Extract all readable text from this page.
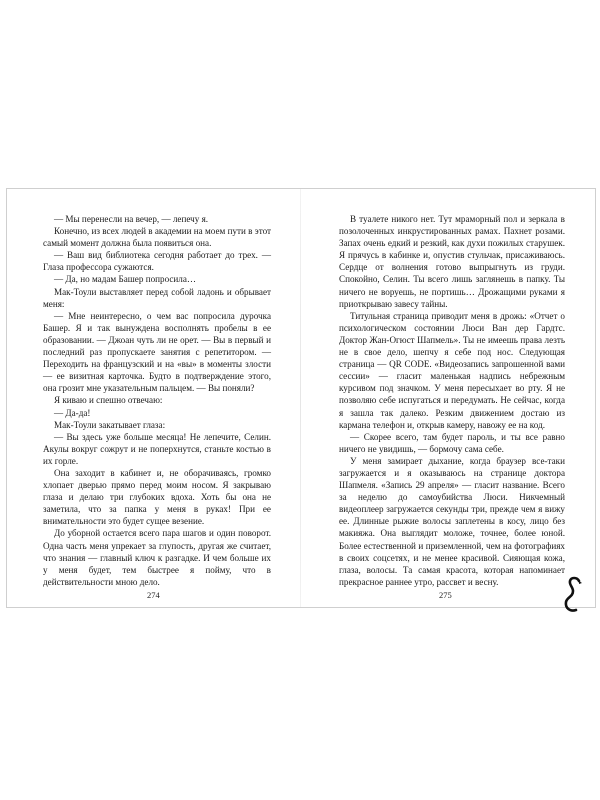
— Мы перенесли на вечер, — лепечу я.

Конечно, из всех людей в академии на моем пути в этот самый момент должна была появиться она.

— Ваш вид библиотека сегодня работает до трех. — Глаза профессора сужаются.

— Да, но мадам Башер попросила…

Мак-Тоули выставляет перед собой ладонь и обрывает меня:

— Мне неинтересно, о чем вас попросила дурочка Башер. Я и так вынуждена восполнять пробелы в ее образовании. — Джоан чуть ли не орет. — Вы в первый и последний раз пропускаете занятия с репетитором. — Переходить на французский и на «вы» в моменты злости — ее визитная карточка. Будто в подтверждение этого, она грозит мне указательным пальцем. — Вы поняли?

Я киваю и спешно отвечаю:

— Да-да!

Мак-Тоули закатывает глаза:

— Вы здесь уже больше месяца! Не лепечите, Селин. Акулы вокруг сожрут и не поперхнутся, станьте костью в их горле.

Она заходит в кабинет и, не оборачиваясь, громко хлопает дверью прямо перед моим носом. Я закрываю глаза и делаю три глубоких вдоха. Хоть бы она не заметила, что за папка у меня в руках! При ее внимательности это будет сущее везение.

До уборной остается всего пара шагов и один поворот. Одна часть меня упрекает за глупость, другая же считает, что знания — главный ключ к разгадке. И чем больше их у меня будет, тем быстрее я пойму, что в действительности мною дело.

274

В туалете никого нет. Тут мраморный пол и зеркала в позолоченных инкрустированных рамах. Пахнет розами. Запах очень едкий и резкий, как духи пожилых старушек. Я прячусь в кабинке и, опустив стульчак, присаживаюсь. Сердце от волнения готово выпрыгнуть из груди. Спокойно, Селин. Ты всего лишь заглянешь в папку. Ты ничего не воруешь, не портишь… Дрожащими руками я приоткрываю завесу тайны.

Титульная страница приводит меня в дрожь: «Отчет о психологическом состоянии Люси Ван дер Гардтс. Доктор Жан-Огюст Шапмель». Ты не имеешь права лезть не в свое дело, шепчу я себе под нос. Следующая страница — QR CODE. «Видеозапись запрошенной вами сессии» — гласит маленькая надпись небрежным курсивом под значком. У меня пересыхает во рту. Я не позволяю себе испугаться и передумать. Не сейчас, когда я зашла так далеко. Резким движением достаю из кармана телефон и, открыв камеру, навожу ее на код.

— Скорее всего, там будет пароль, и ты все равно ничего не увидишь, — бормочу сама себе.

У меня замирает дыхание, когда браузер все-таки загружается и я оказываюсь на странице доктора Шапмеля. «Запись 29 апреля» — гласит название. Всего за неделю до самоубийства Люси. Никчемный видеоплеер загружается секунды три, прежде чем я вижу ее. Длинные рыжие волосы заплетены в косу, лицо без макияжа. Она выглядит моложе, точнее, более юной. Более естественной и приземленной, чем на фотографиях в своих соцсетях, и не менее красивой. Сияющая кожа, глаза, волосы. Та самая красота, которая напоминает прекрасное раннее утро, рассвет и весну.

275
